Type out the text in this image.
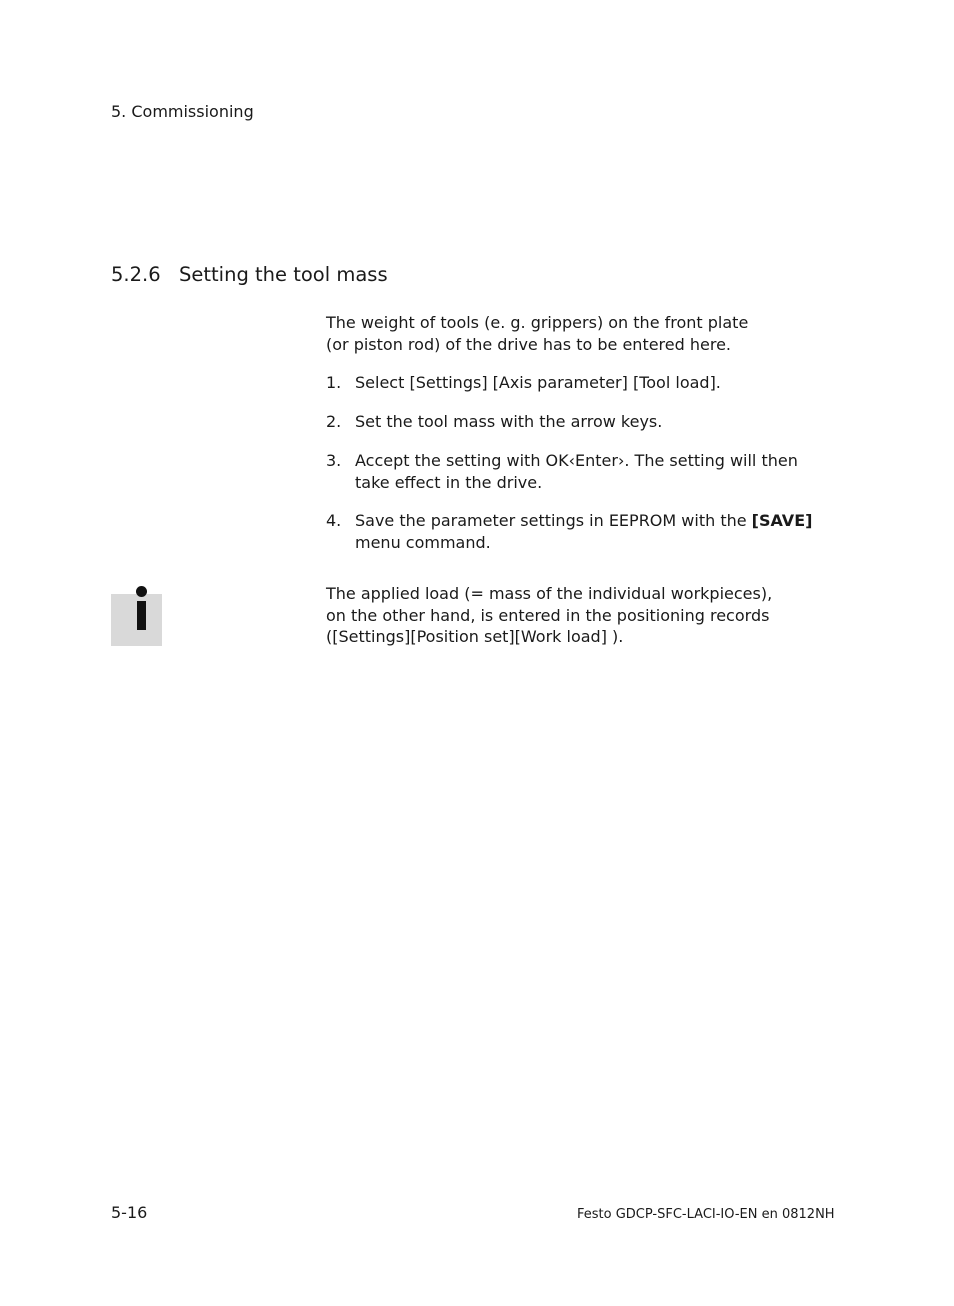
5. Commissioning
5.2.6 Setting the tool mass
The weight of tools (e. g. grippers) on the front plate
(or piston rod) of the drive has to be entered here.
1. Select [Settings] [Axis parameter] [Tool load].
2. Set the tool mass with the arrow keys.
3. Accept the setting with OK‹Enter›. The setting will then
take effect in the drive.
4. Save the parameter settings in EEPROM with the [SAVE]
menu command.
The applied load (= mass of the individual workpieces),
on the other hand, is entered in the positioning records
([Settings][Position set][Work load] ).
5-16	Festo GDCP-SFC-LACI-IO-EN en 0812NH
